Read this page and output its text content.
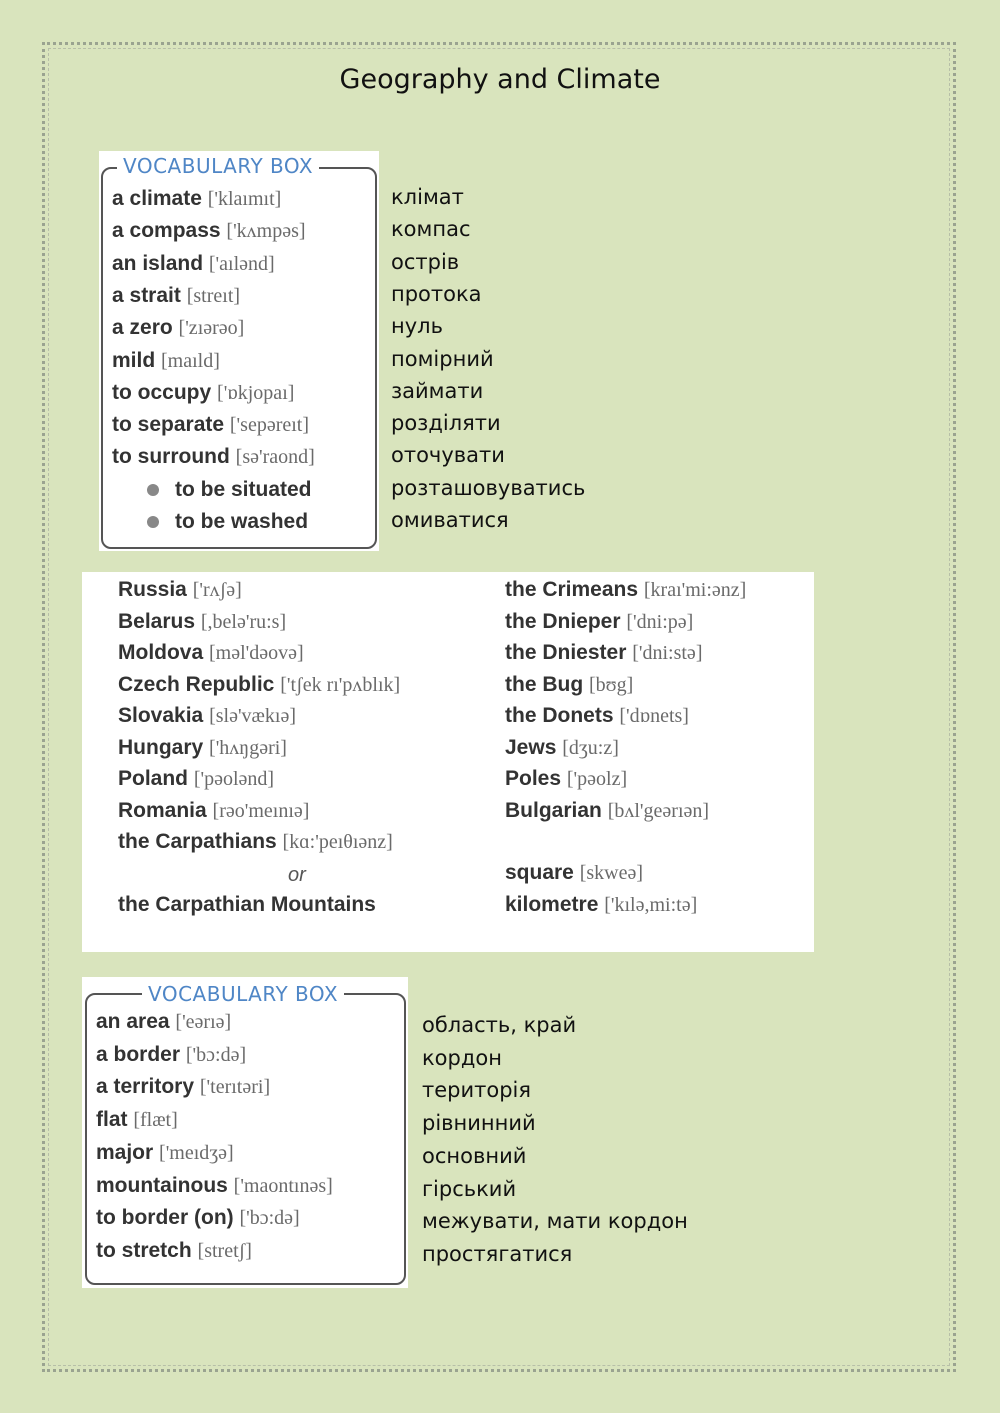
Geography and Climate
VOCABULARY BOX
a climate ['klaımıt]	клімат
a compass ['kʌmpəs]	компас
an island ['aılənd]	острів
a strait [streıt]	протока
a zero ['zıərəo]	нуль
mild [maıld]	помірний
to occupy ['ɒkjopaı]	займати
to separate ['sepəreıt]	розділяти
to surround [sə'raond]	оточувати
to be situated	розташовуватись
to be washed	омиватися
Russia ['rʌʃə]
Belarus [,belə'ru:s]
Moldova [məl'dəovə]
Czech Republic ['tʃek rı'pʌblık]
Slovakia [slə'vækıə]
Hungary ['hʌŋgəri]
Poland ['pəolənd]
Romania [rəo'meınıə]
the Carpathians [kɑ:'peıθıənz]
the Carpathian Mountains
the Crimeans [kraı'mi:ənz]
the Dnieper ['dni:pə]
the Dniester ['dni:stə]
the Bug [bʊg]
the Donets ['dɒnets]
Jews [dʒu:z]
Poles ['pəolz]
Bulgarian [bʌl'geərıən]
square [skweə]
kilometre ['kılə,mi:tə]
or
VOCABULARY BOX
an area ['eərıə]	область, край
a border ['bɔ:də]	кордон
a territory ['terıtəri]	територія
flat [flæt]	рівнинний
major ['meıdʒə]	основний
mountainous ['maontınəs]	гірський
to border (on) ['bɔ:də]	межувати, мати кордон
to stretch [stretʃ]	простягатися
